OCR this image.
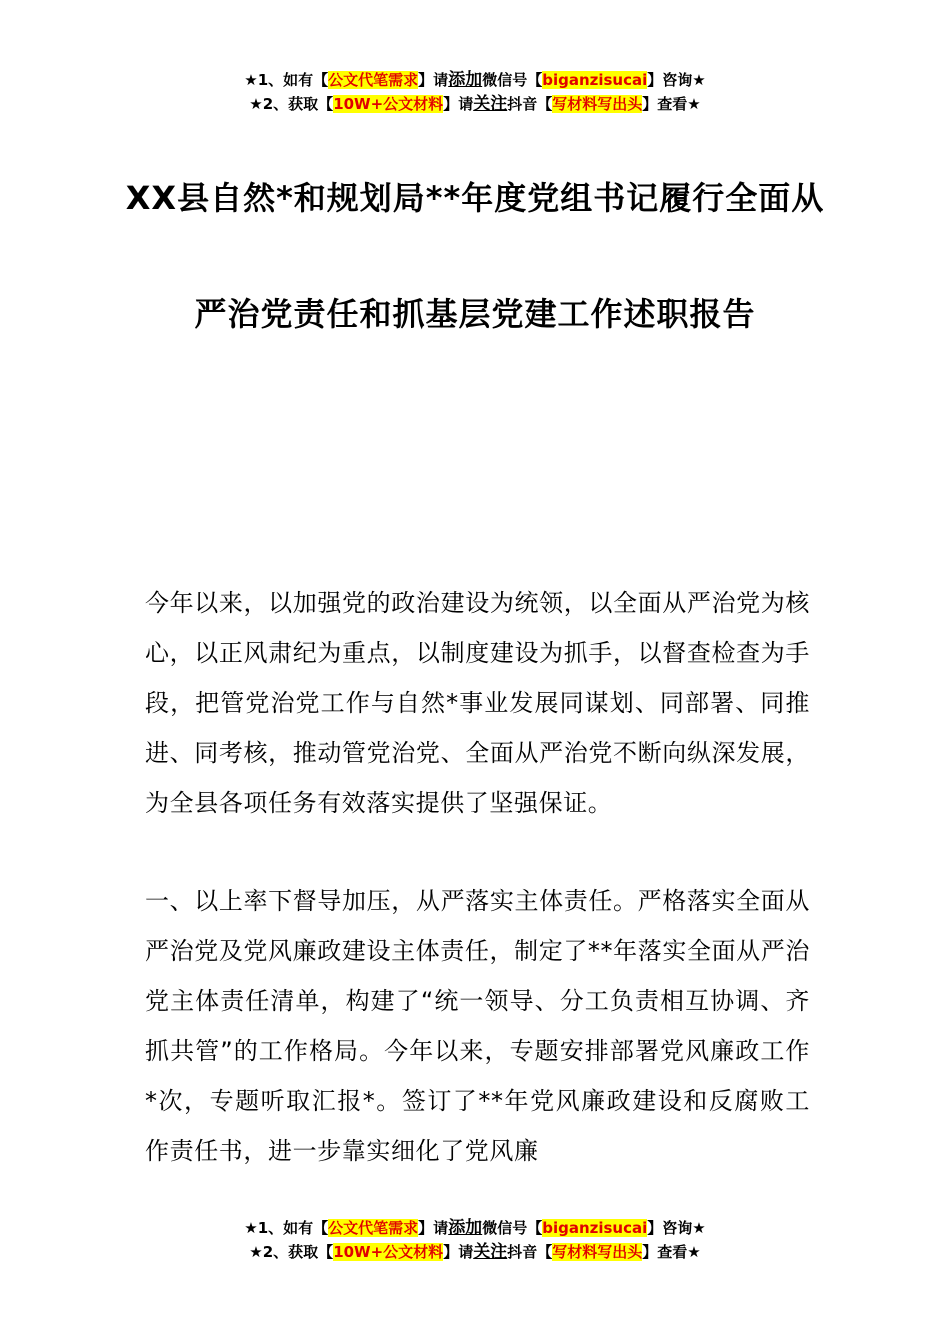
★1、如有【公文代笔需求】请添加微信号【biganzisucai】咨询★
★2、获取【10W+公文材料】请关注抖音【写材料写出头】查看★
XX县自然*和规划局**年度党组书记履行全面从严治党责任和抓基层党建工作述职报告

今年以来，以加强党的政治建设为统领，以全面从严治党为核心，以正风肃纪为重点，以制度建设为抓手，以督查检查为手段，把管党治党工作与自然*事业发展同谋划、同部署、同推进、同考核，推动管党治党、全面从严治党不断向纵深发展，为全县各项任务有效落实提供了坚强保证。

一、以上率下督导加压，从严落实主体责任。严格落实全面从严治党及党风廉政建设主体责任，制定了**年落实全面从严治党主体责任清单，构建了“统一领导、分工负责相互协调、齐抓共管”的工作格局。今年以来，专题安排部署党风廉政工作*次，专题听取汇报*。签订了**年党风廉政建设和反腐败工作责任书，进一步靠实细化了党风廉

★1、如有【公文代笔需求】请添加微信号【biganzisucai】咨询★
★2、获取【10W+公文材料】请关注抖音【写材料写出头】查看★
